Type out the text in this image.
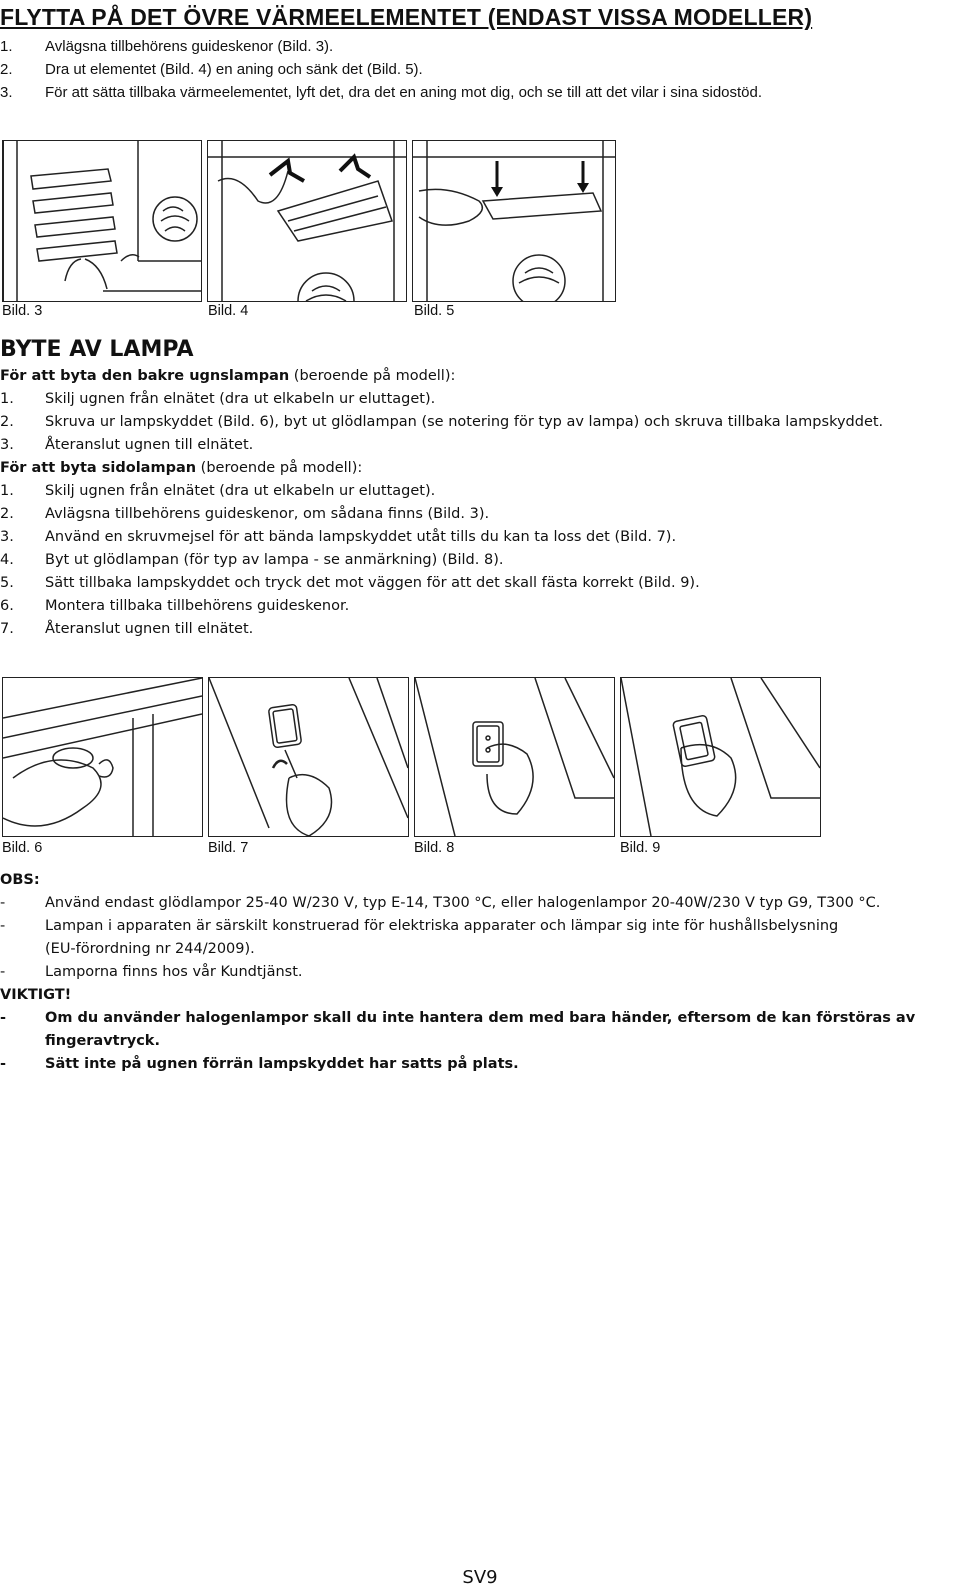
FLYTTA PÅ DET ÖVRE VÄRMEELEMENTET (ENDAST VISSA MODELLER)
1. Avlägsna tillbehörens guideskenor (Bild. 3).
2. Dra ut elementet (Bild. 4) en aning och sänk det (Bild. 5).
3. För att sätta tillbaka värmeelementet, lyft det, dra det en aning mot dig, och se till att det vilar i sina sidostöd.
Bild. 3	Bild. 4	Bild. 5
BYTE AV LAMPA
För att byta den bakre ugnslampan (beroende på modell):
1. Skilj ugnen från elnätet (dra ut elkabeln ur eluttaget).
2. Skruva ur lampskyddet (Bild. 6), byt ut glödlampan (se notering för typ av lampa) och skruva tillbaka lampskyddet.
3. Återanslut ugnen till elnätet.
För att byta sidolampan (beroende på modell):
1. Skilj ugnen från elnätet (dra ut elkabeln ur eluttaget).
2. Avlägsna tillbehörens guideskenor, om sådana finns (Bild. 3).
3. Använd en skruvmejsel för att bända lampskyddet utåt tills du kan ta loss det (Bild. 7).
4. Byt ut glödlampan (för typ av lampa - se anmärkning) (Bild. 8).
5. Sätt tillbaka lampskyddet och tryck det mot väggen för att det skall fästa korrekt (Bild. 9).
6. Montera tillbaka tillbehörens guideskenor.
7. Återanslut ugnen till elnätet.
Bild. 6	Bild. 7	Bild. 8	Bild. 9
OBS:
-	Använd endast glödlampor 25-40 W/230 V, typ E-14, T300 °C, eller halogenlampor 20-40W/230 V typ G9, T300 °C.
-	Lampan i apparaten är särskilt konstruerad för elektriska apparater och lämpar sig inte för hushållsbelysning
(EU-förordning nr 244/2009).
-	Lamporna finns hos vår Kundtjänst.
VIKTIGT!
-	Om du använder halogenlampor skall du inte hantera dem med bara händer, eftersom de kan förstöras av
fingeravtryck.
-	Sätt inte på ugnen förrän lampskyddet har satts på plats.
SV9
